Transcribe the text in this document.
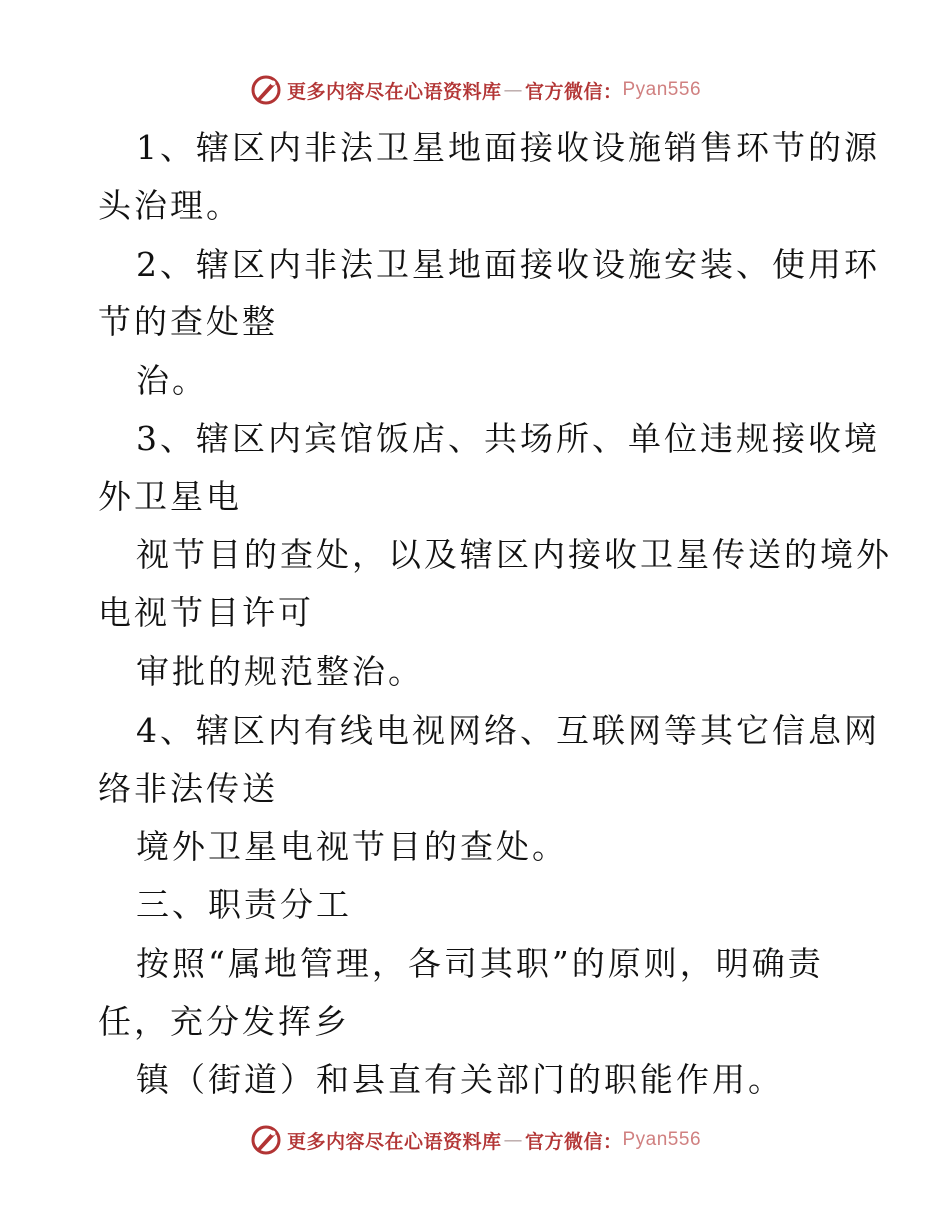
更多内容尽在心语资料库 — 官方微信： Pyan556
1、辖区内非法卫星地面接收设施销售环节的源
头治理。
2、辖区内非法卫星地面接收设施安装、使用环
节的查处整
治。
3、辖区内宾馆饭店、共场所、单位违规接收境
外卫星电
视节目的查处，以及辖区内接收卫星传送的境外
电视节目许可
审批的规范整治。
4、辖区内有线电视网络、互联网等其它信息网
络非法传送
境外卫星电视节目的查处。
三、职责分工
按照“属地管理，各司其职”的原则，明确责
任，充分发挥乡
镇（街道）和县直有关部门的职能作用。
更多内容尽在心语资料库 — 官方微信： Pyan556
